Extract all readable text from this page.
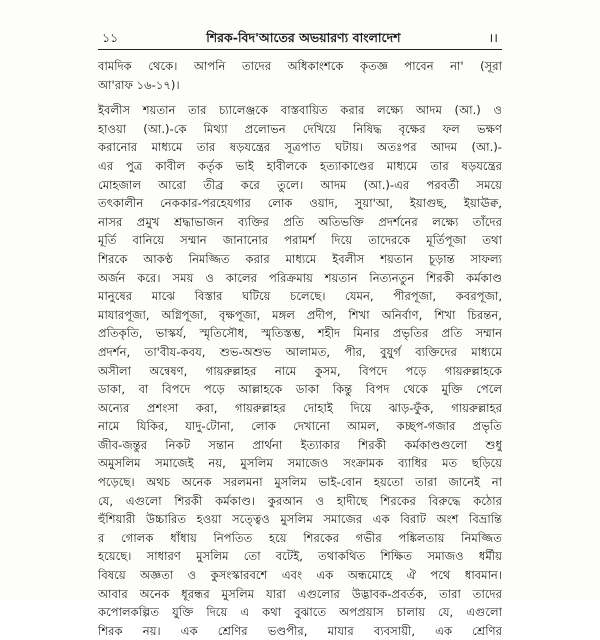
১১	শিরক-বিদ'আতের অভয়ারণ্য বাংলাদেশ	।।
বামদিক থেকে। আপনি তাদের অধিকাংশকে কৃতজ্ঞ পাবেন না' (সূরা
আ'রাফ ১৬-১৭)।
ইবলীস শয়তান তার চ্যালেঞ্জকে বাস্তবায়িত করার লক্ষ্যে আদম (আ.) ও
হাওয়া (আ.)-কে মিথ্যা প্রলোভন দেখিয়ে নিষিদ্ধ বৃক্ষের ফল ভক্ষণ
করানোর মাধ্যমে তার ষড়যন্ত্রের সূত্রপাত ঘটায়। অতঃপর আদম (আ.)-
এর পুত্র কাবীল কর্তৃক ভাই হাবীলকে হত্যাকাণ্ডের মাধ্যমে তার ষড়যন্ত্রের
মোহজাল আরো তীব্র করে তুলে। আদম (আ.)-এর পরবর্তী সময়ে
তৎকালীন নেককার-পরহেযগার লোক ওয়াদ, সুয়া'আ, ইয়াগুছ, ইয়াঊক্ব,
নাসর প্রমুখ শ্রদ্ধাভাজন ব্যক্তির প্রতি অতিভক্তি প্রদর্শনের লক্ষ্যে তাঁদের
মূর্তি বানিয়ে সম্মান জানানোর পরামর্শ দিয়ে তাদেরকে মূর্তিপূজা তথা
শিরকে আকণ্ঠ নিমজ্জিত করার মাধ্যমে ইবলীস শয়তান চূড়ান্ত সাফল্য
অর্জন করে। সময় ও কালের পরিক্রমায় শয়তান নিত্যনতুন শিরকী কর্মকাণ্ড
মানুষের মাঝে বিস্তার ঘটিয়ে চলেছে। যেমন, পীরপূজা, কবরপূজা,
মাযারপূজা, অগ্নিপূজা, বৃক্ষপূজা, মঙ্গল প্রদীপ, শিখা অনির্বাণ, শিখা চিরন্তন,
প্রতিকৃতি, ভাস্কর্য, স্মৃতিসৌধ, স্মৃতিস্তম্ভ, শহীদ মিনার প্রভৃতির প্রতি সম্মান
প্রদর্শন, তা'বীয-কবয, শুভ-অশুভ আলামত, পীর, বুযুর্গ ব্যক্তিদের মাধ্যমে
অসীলা অন্বেষণ, গায়রুল্লাহর নামে কুসম, বিপদে পড়ে গায়রুল্লাহকে
ডাকা, বা বিপদে পড়ে আল্লাহকে ডাকা কিন্তু বিপদ থেকে মুক্তি পেলে
অন্যের প্রশংসা করা, গায়রুল্লাহর দোহাই দিয়ে ঝাড়-ফুঁক, গায়রুল্লাহর
নামে যিকির, যাদু-টোনা, লোক দেখানো আমল, কচ্ছপ-গজার প্রভৃতি
জীব-জন্তুর নিকট সন্তান প্রার্থনা ইত্যাকার শিরকী কর্মকাণ্ডগুলো শুধু
অমুসলিম সমাজেই নয়, মুসলিম সমাজেও সংক্রামক ব্যাধির মত ছড়িয়ে
পড়েছে। অথচ অনেক সরলমনা মুসলিম ভাই-বোন হয়তো তারা জানেই না
যে, এগুলো শিরকী কর্মকাণ্ড। কুরআন ও হাদীছে শিরকের বিরুদ্ধে কঠোর
হুঁশিয়ারী উচ্চারিত হওয়া সত্ত্বেও মুসলিম সমাজের এক বিরাট অংশ বিভ্রান্তি
র গোলক ধাঁধায় নিপতিত হয়ে শিরকের গভীর পঙ্কিলতায় নিমজ্জিত
হয়েছে। সাধারণ মুসলিম তো বটেই, তথাকথিত শিক্ষিত সমাজও ধর্মীয়
বিষয়ে অজ্ঞতা ও কুসংস্কারবশে এবং এক অন্ধমোহে ঐ পথে ধাবমান।
আবার অনেক ধূরন্ধর মুসলিম যারা এগুলোর উদ্ভাবক-প্রবর্তক, তারা তাদের
কপোলকল্পিত যুক্তি দিয়ে এ কথা বুঝাতে অপপ্রয়াস চালায় যে, এগুলো
শিরক নয়। এক শ্রেণির ভণ্ডপীর, মাযার ব্যবসায়ী, এক শ্রেণির
